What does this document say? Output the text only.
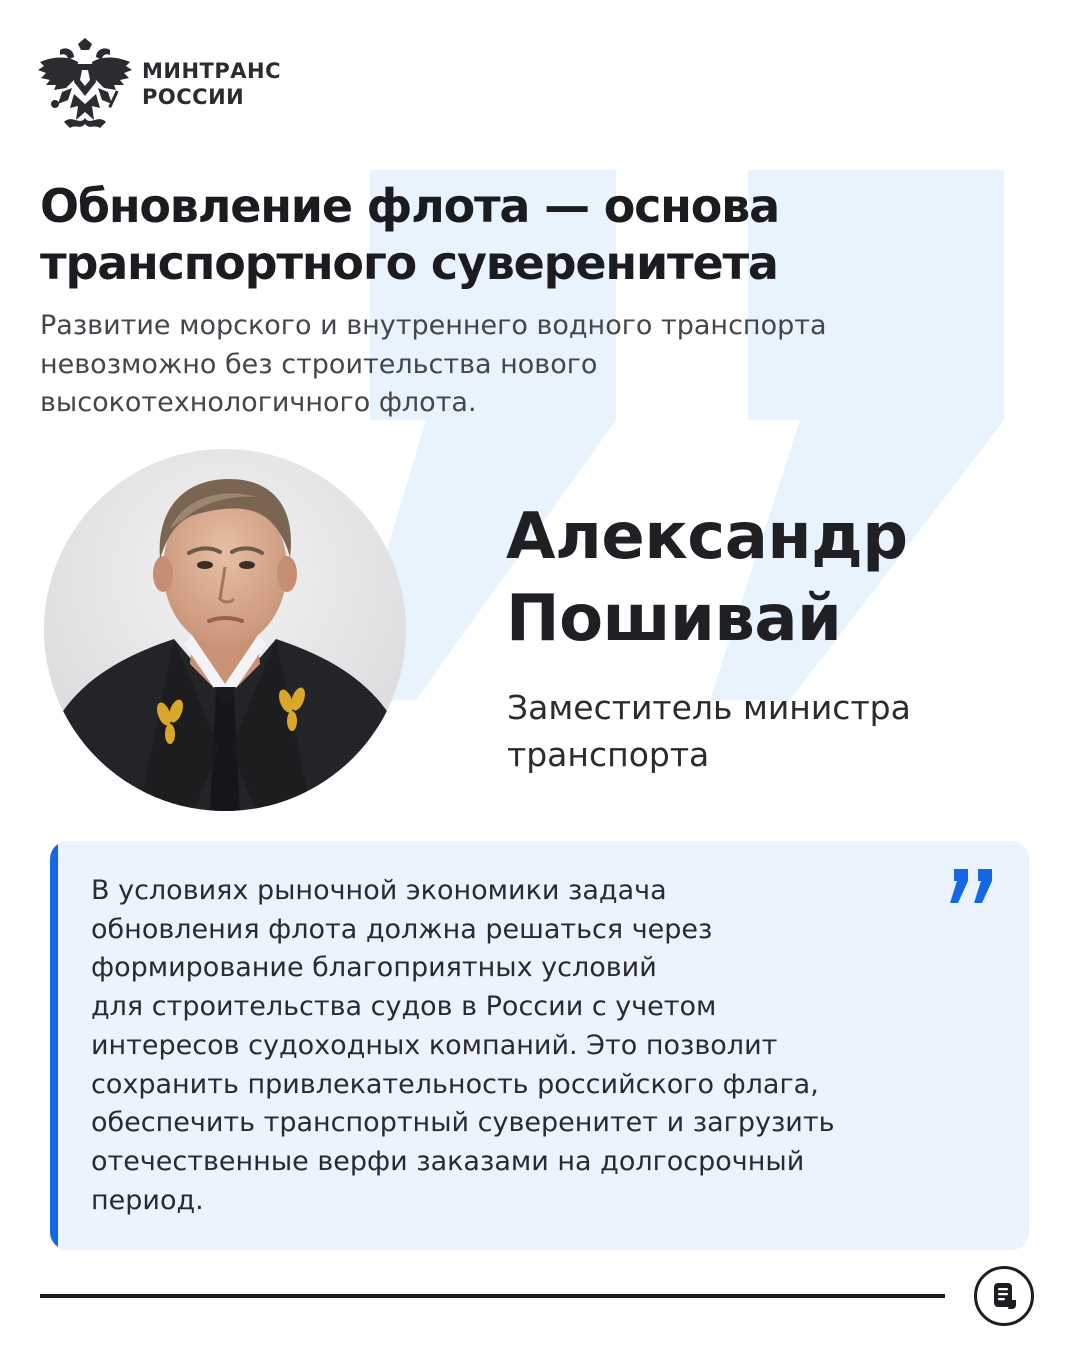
МИНТРАНС
РОССИИ
Обновление флота — основа
транспортного суверенитета

Развитие морского и внутреннего водного транспорта
невозможно без строительства нового
высокотехнологичного флота.

Александр
Пошивай
Заместитель министра
транспорта
В условиях рыночной экономики задача
обновления флота должна решаться через
формирование благоприятных условий
для строительства судов в России с учетом
интересов судоходных компаний. Это позволит
сохранить привлекательность российского флага,
обеспечить транспортный суверенитет и загрузить
отечественные верфи заказами на долгосрочный
период.
